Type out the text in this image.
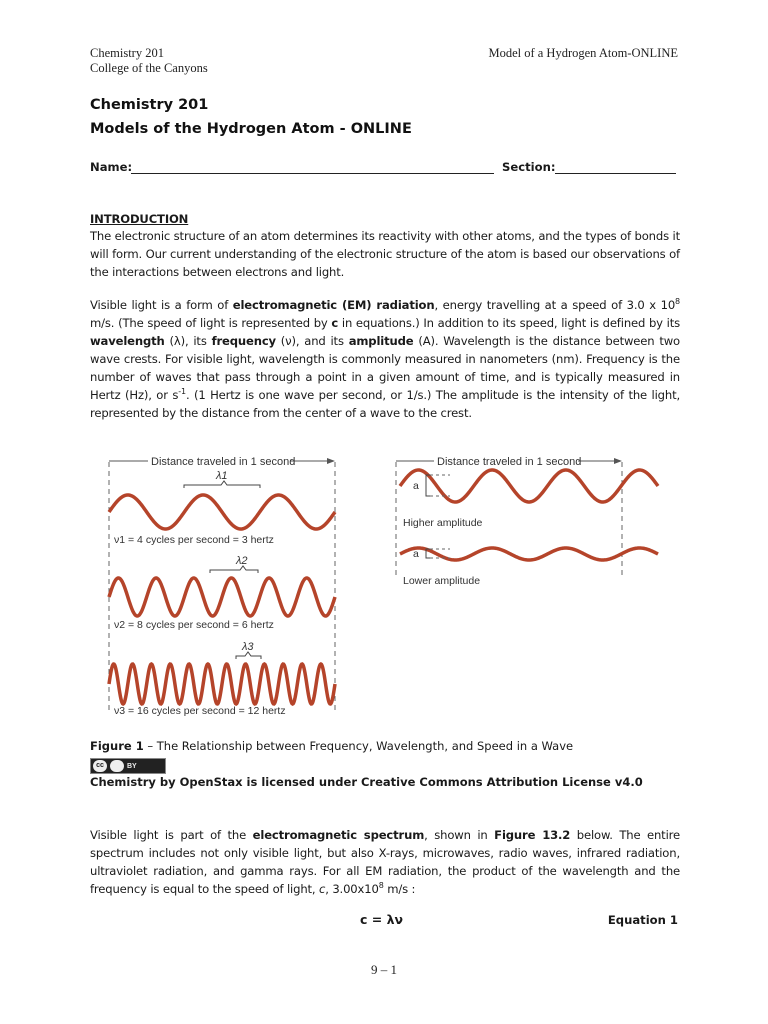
Chemistry 201
College of the Canyons
Model of a Hydrogen Atom-ONLINE
Chemistry 201
Models of the Hydrogen Atom - ONLINE
Name:	Section:
INTRODUCTION
The electronic structure of an atom determines its reactivity with other atoms, and the types of bonds it will form. Our current understanding of the electronic structure of the atom is based our observations of the interactions between electrons and light.
Visible light is a form of electromagnetic (EM) radiation, energy travelling at a speed of 3.0 x $10^8$ m/s. (The speed of light is represented by c in equations.) In addition to its speed, light is defined by its wavelength (λ), its frequency (ν), and its amplitude (A). Wavelength is the distance between two wave crests. For visible light, wavelength is commonly measured in nanometers (nm). Frequency is the number of waves that pass through a point in a given amount of time, and is typically measured in Hertz (Hz), or $s^{-1}$. (1 Hertz is one wave per second, or 1/s.) The amplitude is the intensity of the light, represented by the distance from the center of a wave to the crest.
Distance traveled in 1 second
λ1
λ2
λ3
ν1 = 4 cycles per second = 3 hertz
ν2 = 8 cycles per second = 6 hertz
ν3 = 16 cycles per second = 12 hertz
Distance traveled in 1 second
a
a
Higher amplitude
Lower amplitude
Figure 1 – The Relationship between Frequency, Wavelength, and Speed in a Wave
cc	BY
Chemistry by OpenStax is licensed under Creative Commons Attribution License v4.0
Visible light is part of the electromagnetic spectrum, shown in Figure 13.2 below. The entire spectrum includes not only visible light, but also X-rays, microwaves, radio waves, infrared radiation, ultraviolet radiation, and gamma rays. For all EM radiation, the product of the wavelength and the frequency is equal to the speed of light, c, $3.00x10^8$ m/s :
c = λν	Equation 1
9 – 1
